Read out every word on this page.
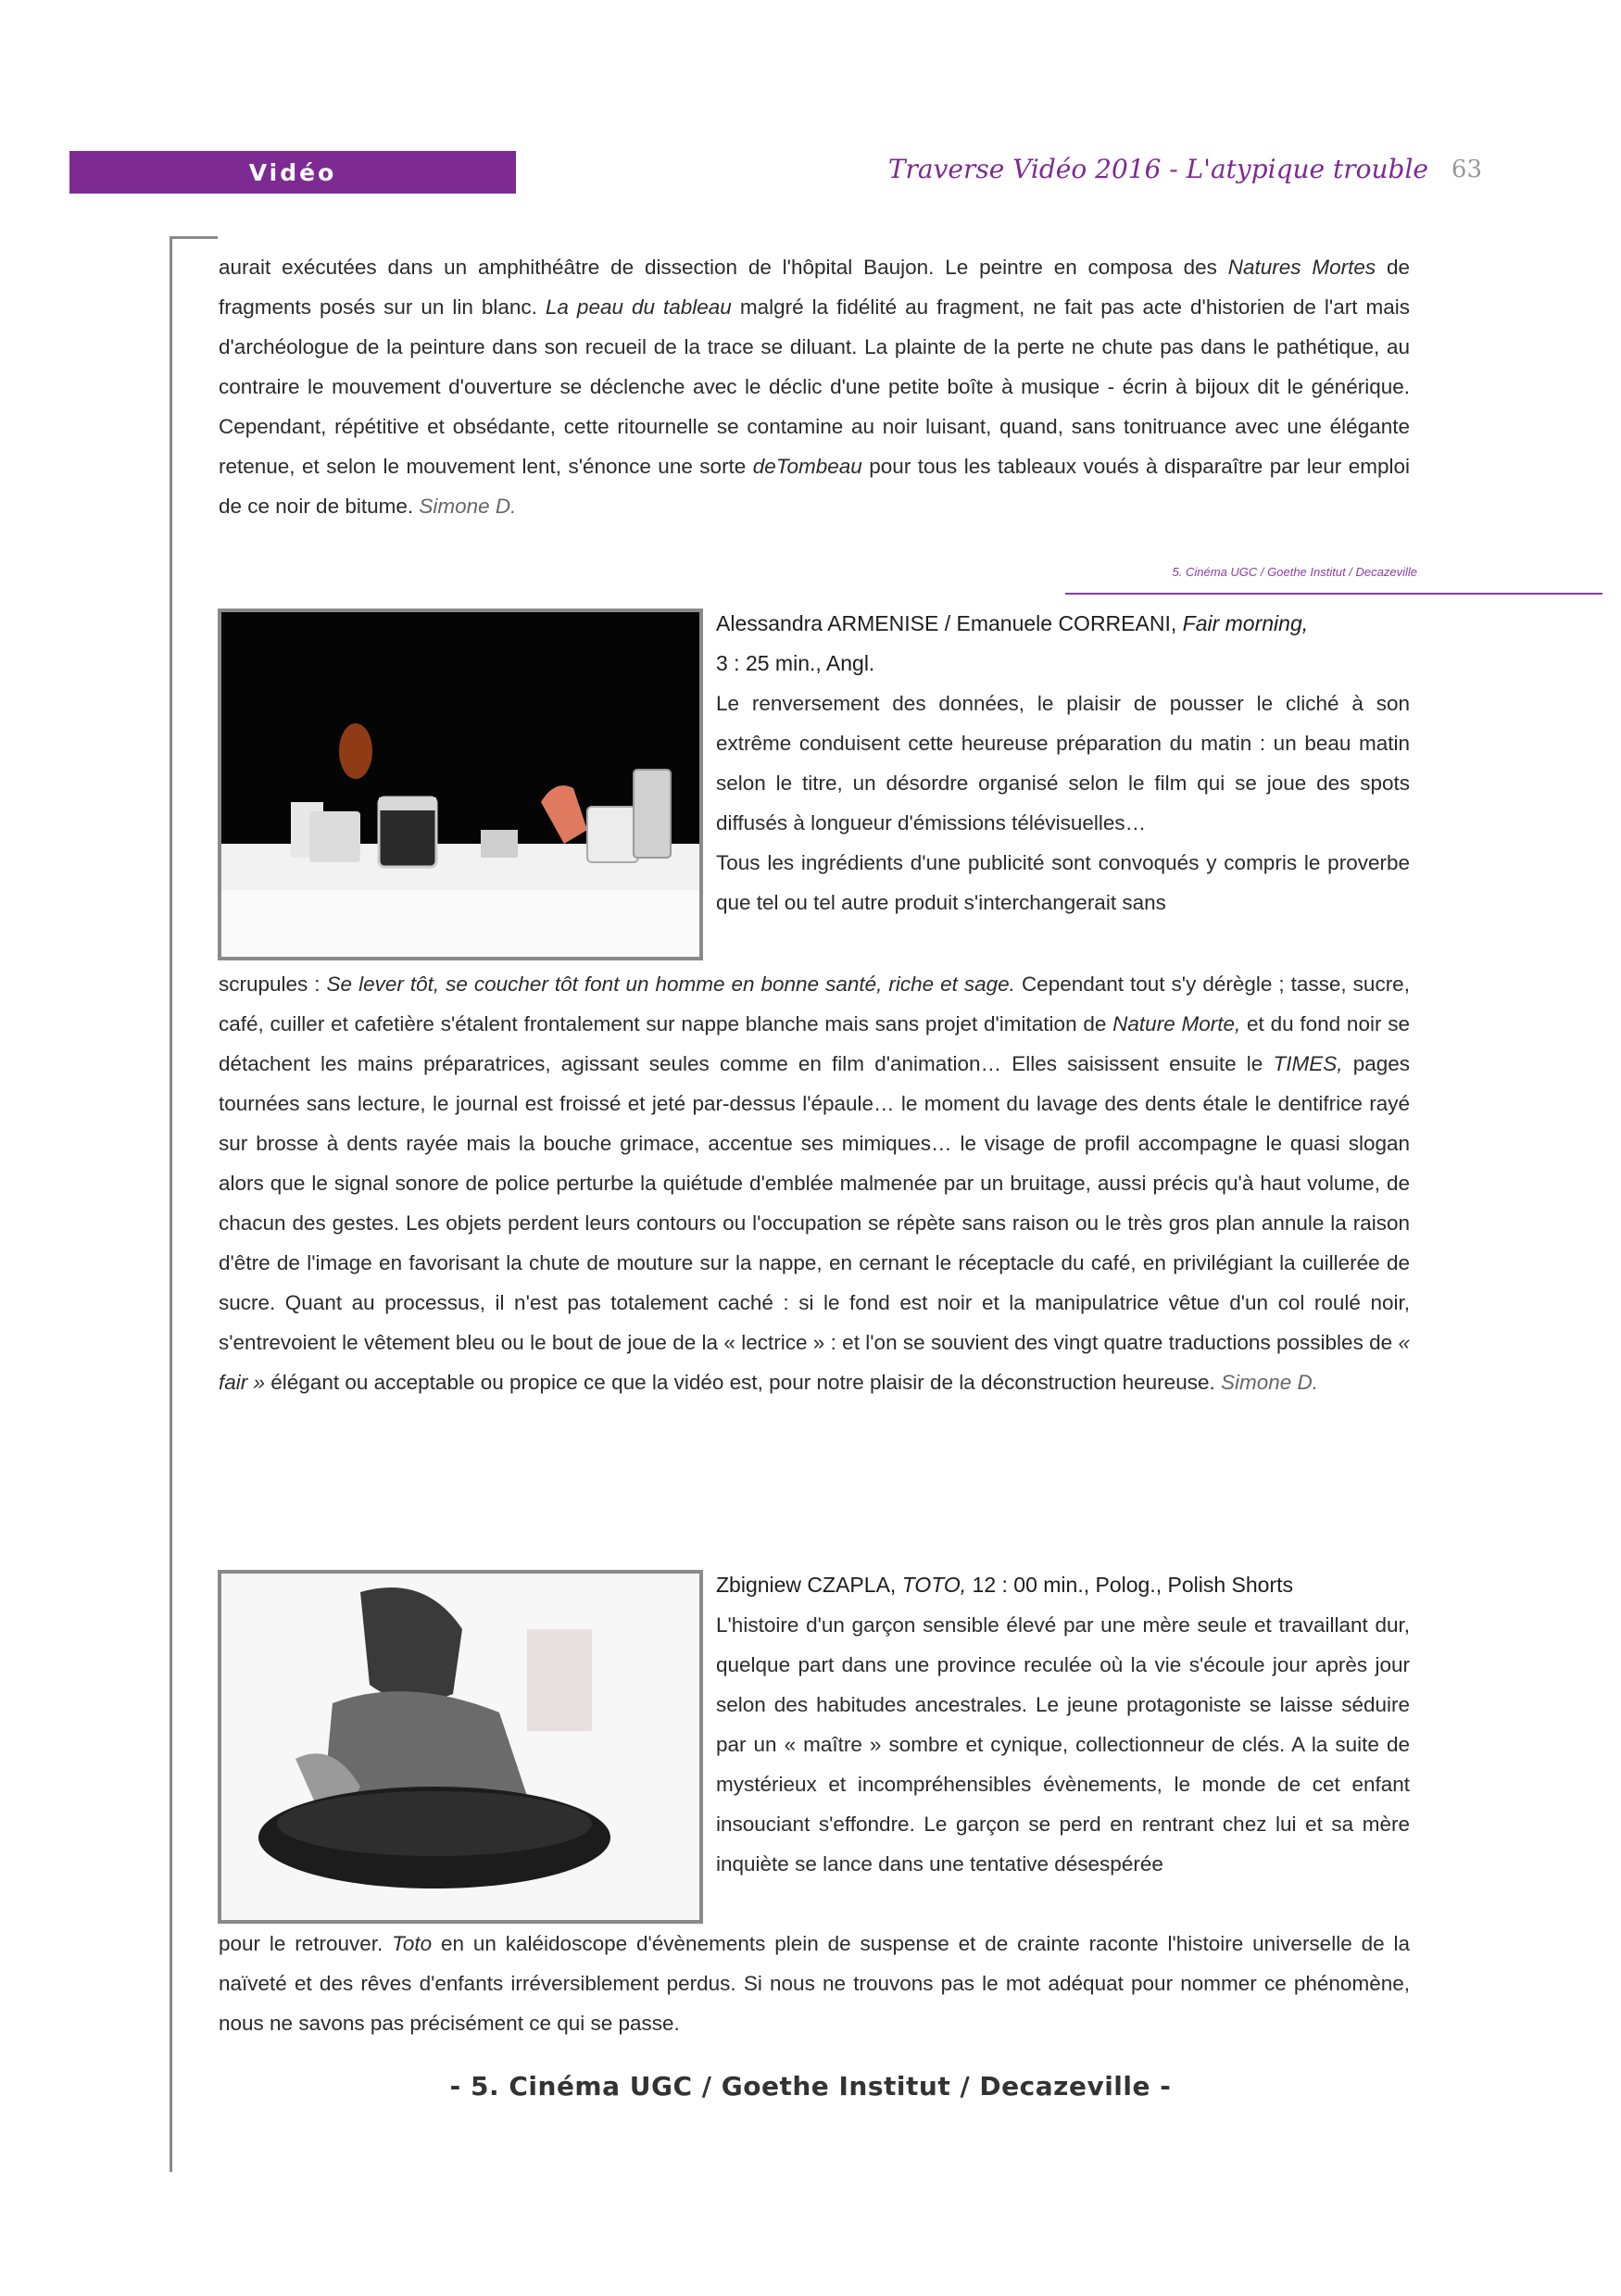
Vidéo	Traverse Vidéo 2016 - L'atypique trouble 63

aurait exécutées dans un amphithéâtre de dissection de l'hôpital Baujon. Le peintre en composa des Natures Mortes de fragments posés sur un lin blanc. La peau du tableau malgré la fidélité au fragment, ne fait pas acte d'historien de l'art mais d'archéologue de la peinture dans son recueil de la trace se diluant. La plainte de la perte ne chute pas dans le pathétique, au contraire le mouvement d'ouverture se déclenche avec le déclic d'une petite boîte à musique - écrin à bijoux dit le générique. Cependant, répétitive et obsédante, cette ritournelle se contamine au noir luisant, quand, sans tonitruance avec une élégante retenue, et selon le mouvement lent, s'énonce une sorte deTombeau pour tous les tableaux voués à disparaître par leur emploi de ce noir de bitume. Simone D.

5. Cinéma UGC / Goethe Institut / Decazeville

Alessandra ARMENISE / Emanuele CORREANI, Fair morning,
3 : 25 min., Angl.

Le renversement des données, le plaisir de pousser le cliché à son extrême conduisent cette heureuse préparation du matin : un beau matin selon le titre, un désordre organisé selon le film qui se joue des spots diffusés à longueur d'émissions télévisuelles…

Tous les ingrédients d'une publicité sont convoqués y compris le proverbe que tel ou tel autre produit s'interchangerait sans

scrupules : Se lever tôt, se coucher tôt font un homme en bonne santé, riche et sage. Cependant tout s'y dérègle ; tasse, sucre, café, cuiller et cafetière s'étalent frontalement sur nappe blanche mais sans projet d'imitation de Nature Morte, et du fond noir se détachent les mains préparatrices, agissant seules comme en film d'animation… Elles saisissent ensuite le TIMES, pages tournées sans lecture, le journal est froissé et jeté par-dessus l'épaule… le moment du lavage des dents étale le dentifrice rayé sur brosse à dents rayée mais la bouche grimace, accentue ses mimiques… le visage de profil accompagne le quasi slogan alors que le signal sonore de police perturbe la quiétude d'emblée malmenée par un bruitage, aussi précis qu'à haut volume, de chacun des gestes. Les objets perdent leurs contours ou l'occupation se répète sans raison ou le très gros plan annule la raison d'être de l'image en favorisant la chute de mouture sur la nappe, en cernant le réceptacle du café, en privilégiant la cuillerée de sucre. Quant au processus, il n'est pas totalement caché : si le fond est noir et la manipulatrice vêtue d'un col roulé noir, s'entrevoient le vêtement bleu ou le bout de joue de la « lectrice » : et l'on se souvient des vingt quatre traductions possibles de « fair » élégant ou acceptable ou propice ce que la vidéo est, pour notre plaisir de la déconstruction heureuse. Simone D.

Zbigniew CZAPLA, TOTO, 12 : 00 min., Polog., Polish Shorts

L'histoire d'un garçon sensible élevé par une mère seule et travaillant dur, quelque part dans une province reculée où la vie s'écoule jour après jour selon des habitudes ancestrales. Le jeune protagoniste se laisse séduire par un « maître » sombre et cynique, collectionneur de clés. A la suite de mystérieux et incompréhensibles évènements, le monde de cet enfant insouciant s'effondre. Le garçon se perd en rentrant chez lui et sa mère inquiète se lance dans une tentative désespérée

pour le retrouver. Toto en un kaléidoscope d'évènements plein de suspense et de crainte raconte l'histoire universelle de la naïveté et des rêves d'enfants irréversiblement perdus. Si nous ne trouvons pas le mot adéquat pour nommer ce phénomène, nous ne savons pas précisément ce qui se passe.

- 5. Cinéma UGC / Goethe Institut / Decazeville -
